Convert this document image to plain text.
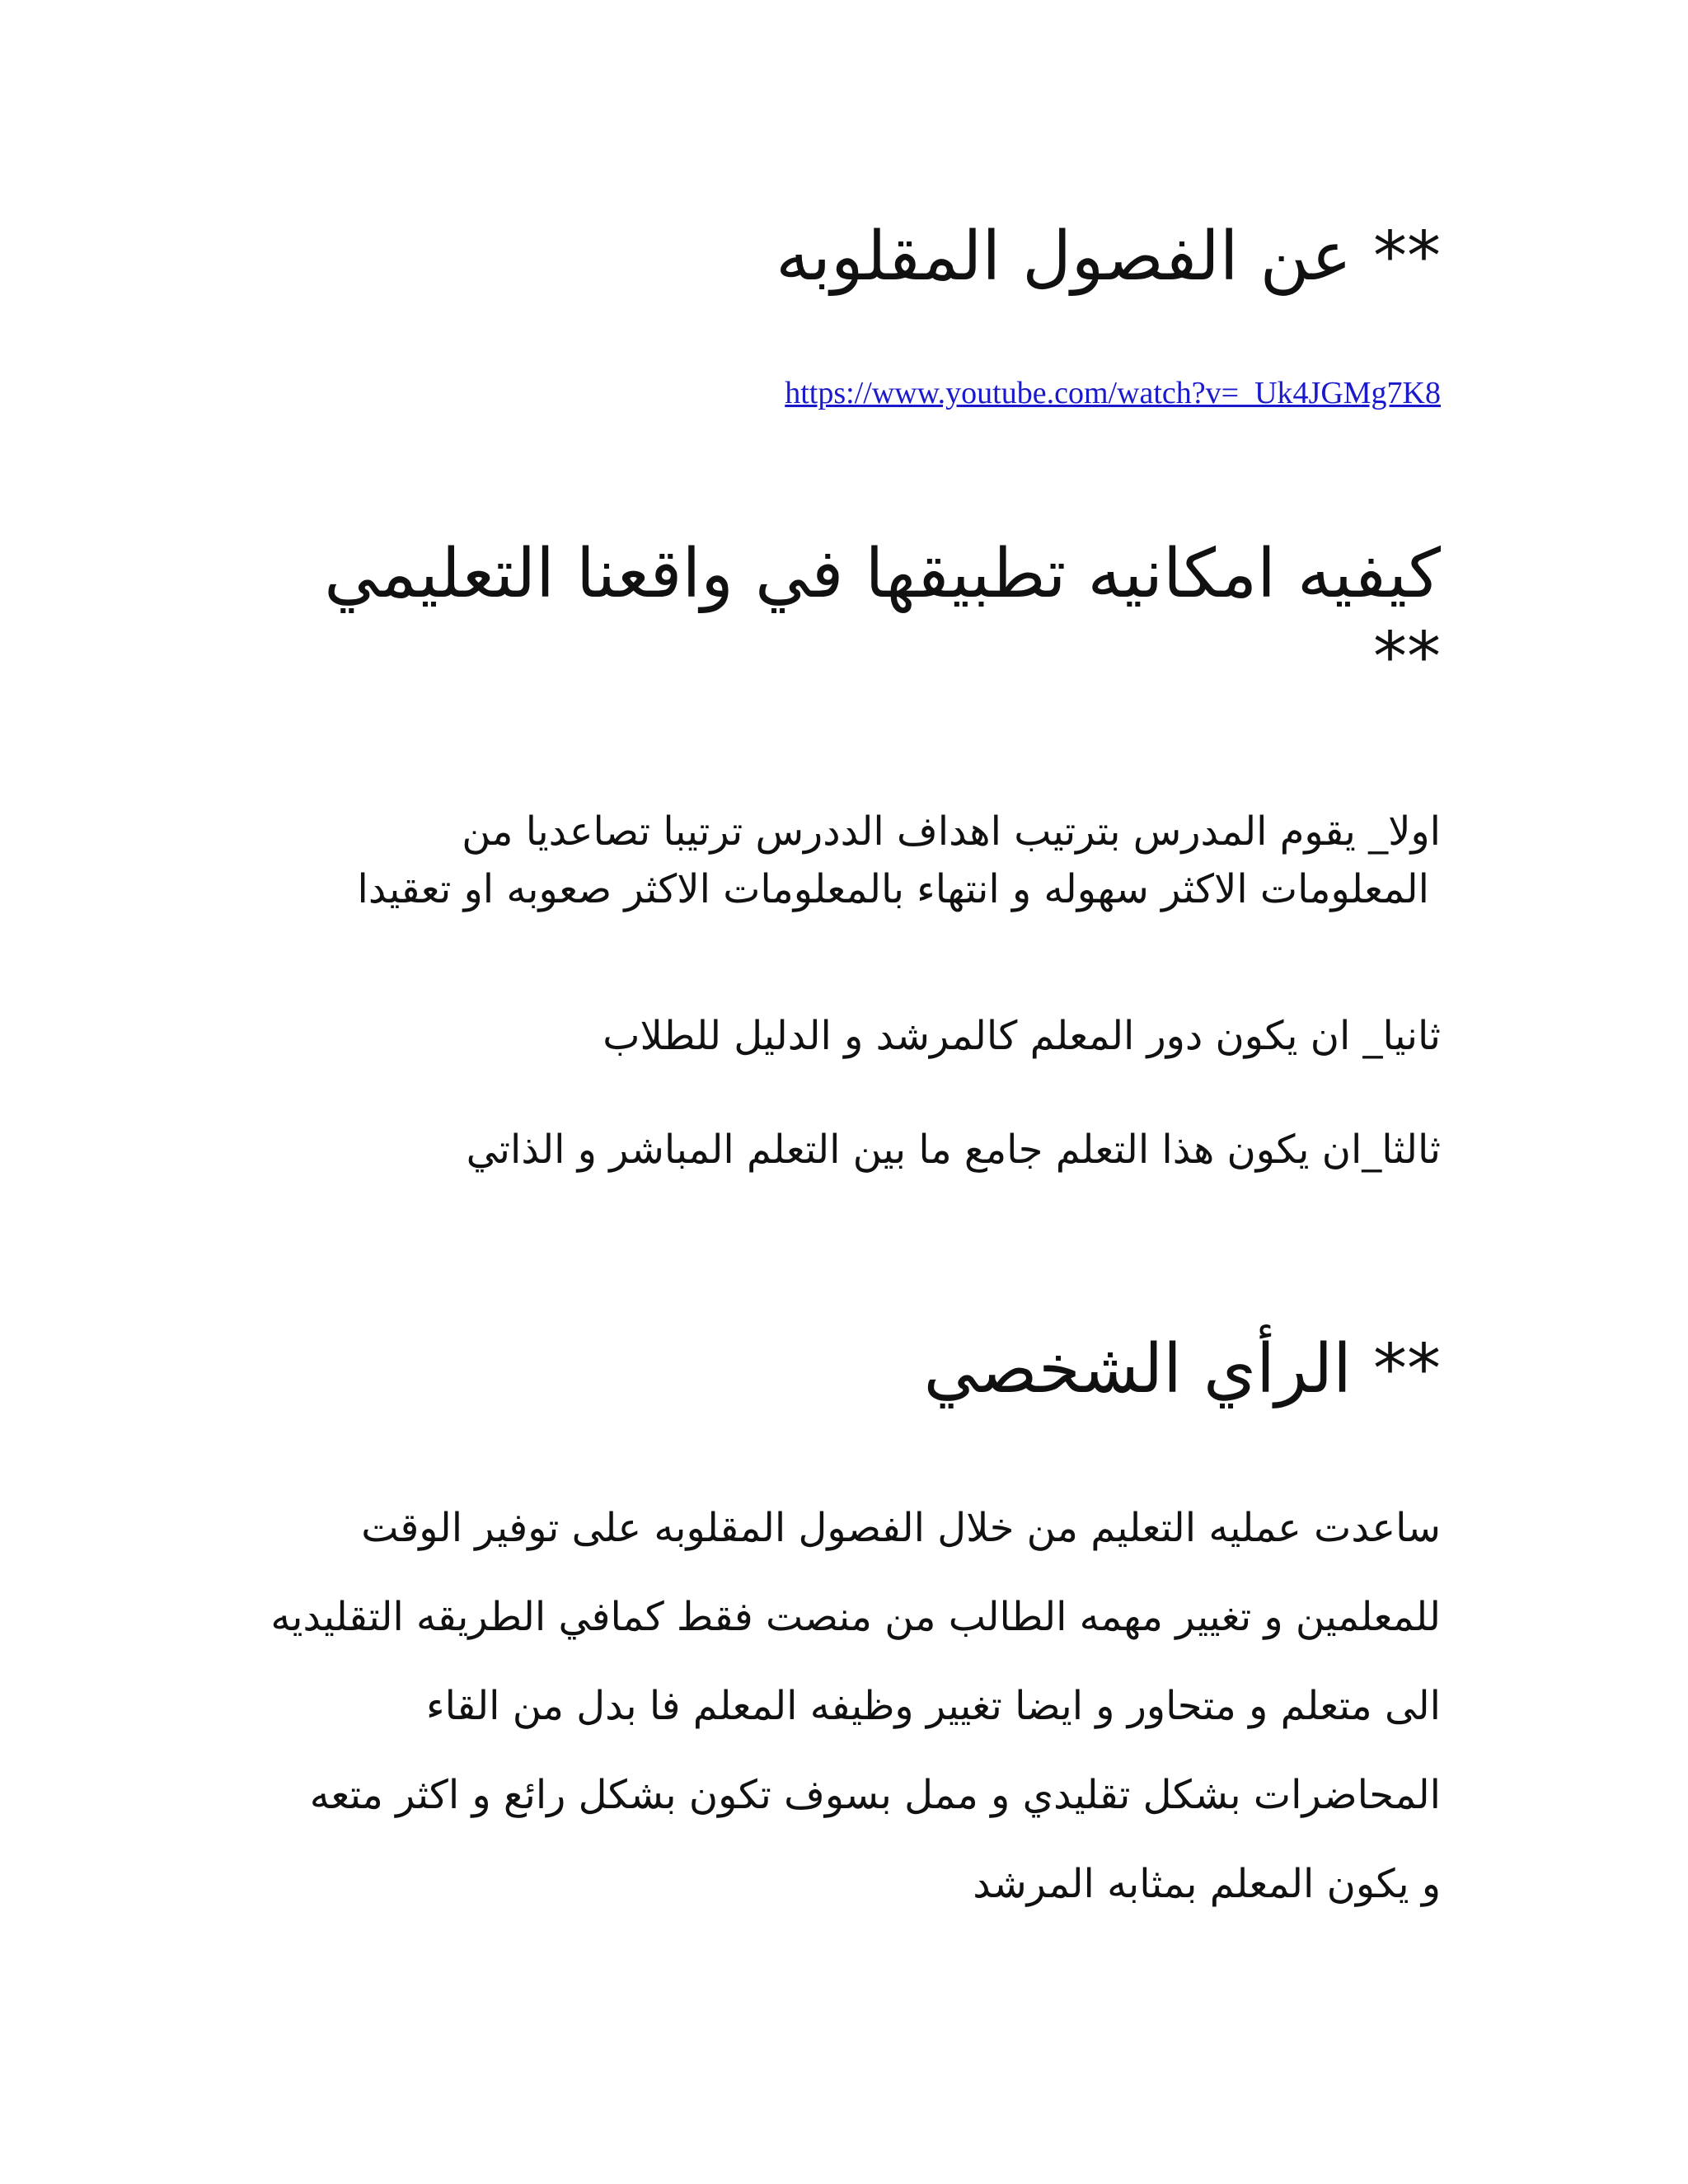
** عن الفصول المقلوبه
https://www.youtube.com/watch?v=_Uk4JGMg7K8
كيفيه امكانيه تطبيقها في واقعنا التعليمي
**

اولا_ يقوم المدرس بترتيب اهداف الددرس ترتيبا تصاعديا من

المعلومات الاكثر سهوله و انتهاء بالمعلومات الاكثر صعوبه او تعقيدا

ثانيا_ ان يكون دور المعلم كالمرشد و الدليل للطلاب

ثالثا_ان يكون هذا التعلم جامع ما بين التعلم المباشر و الذاتي

** الرأي الشخصي

ساعدت عمليه التعليم من خلال الفصول المقلوبه على توفير الوقت

للمعلمين و تغيير مهمه الطالب من منصت فقط كمافي الطريقه التقليديه

الى متعلم و متحاور و ايضا تغيير وظيفه المعلم فا بدل من القاء

المحاضرات بشكل تقليدي و ممل بسوف تكون بشكل رائع و اكثر متعه

و يكون المعلم بمثابه المرشد
